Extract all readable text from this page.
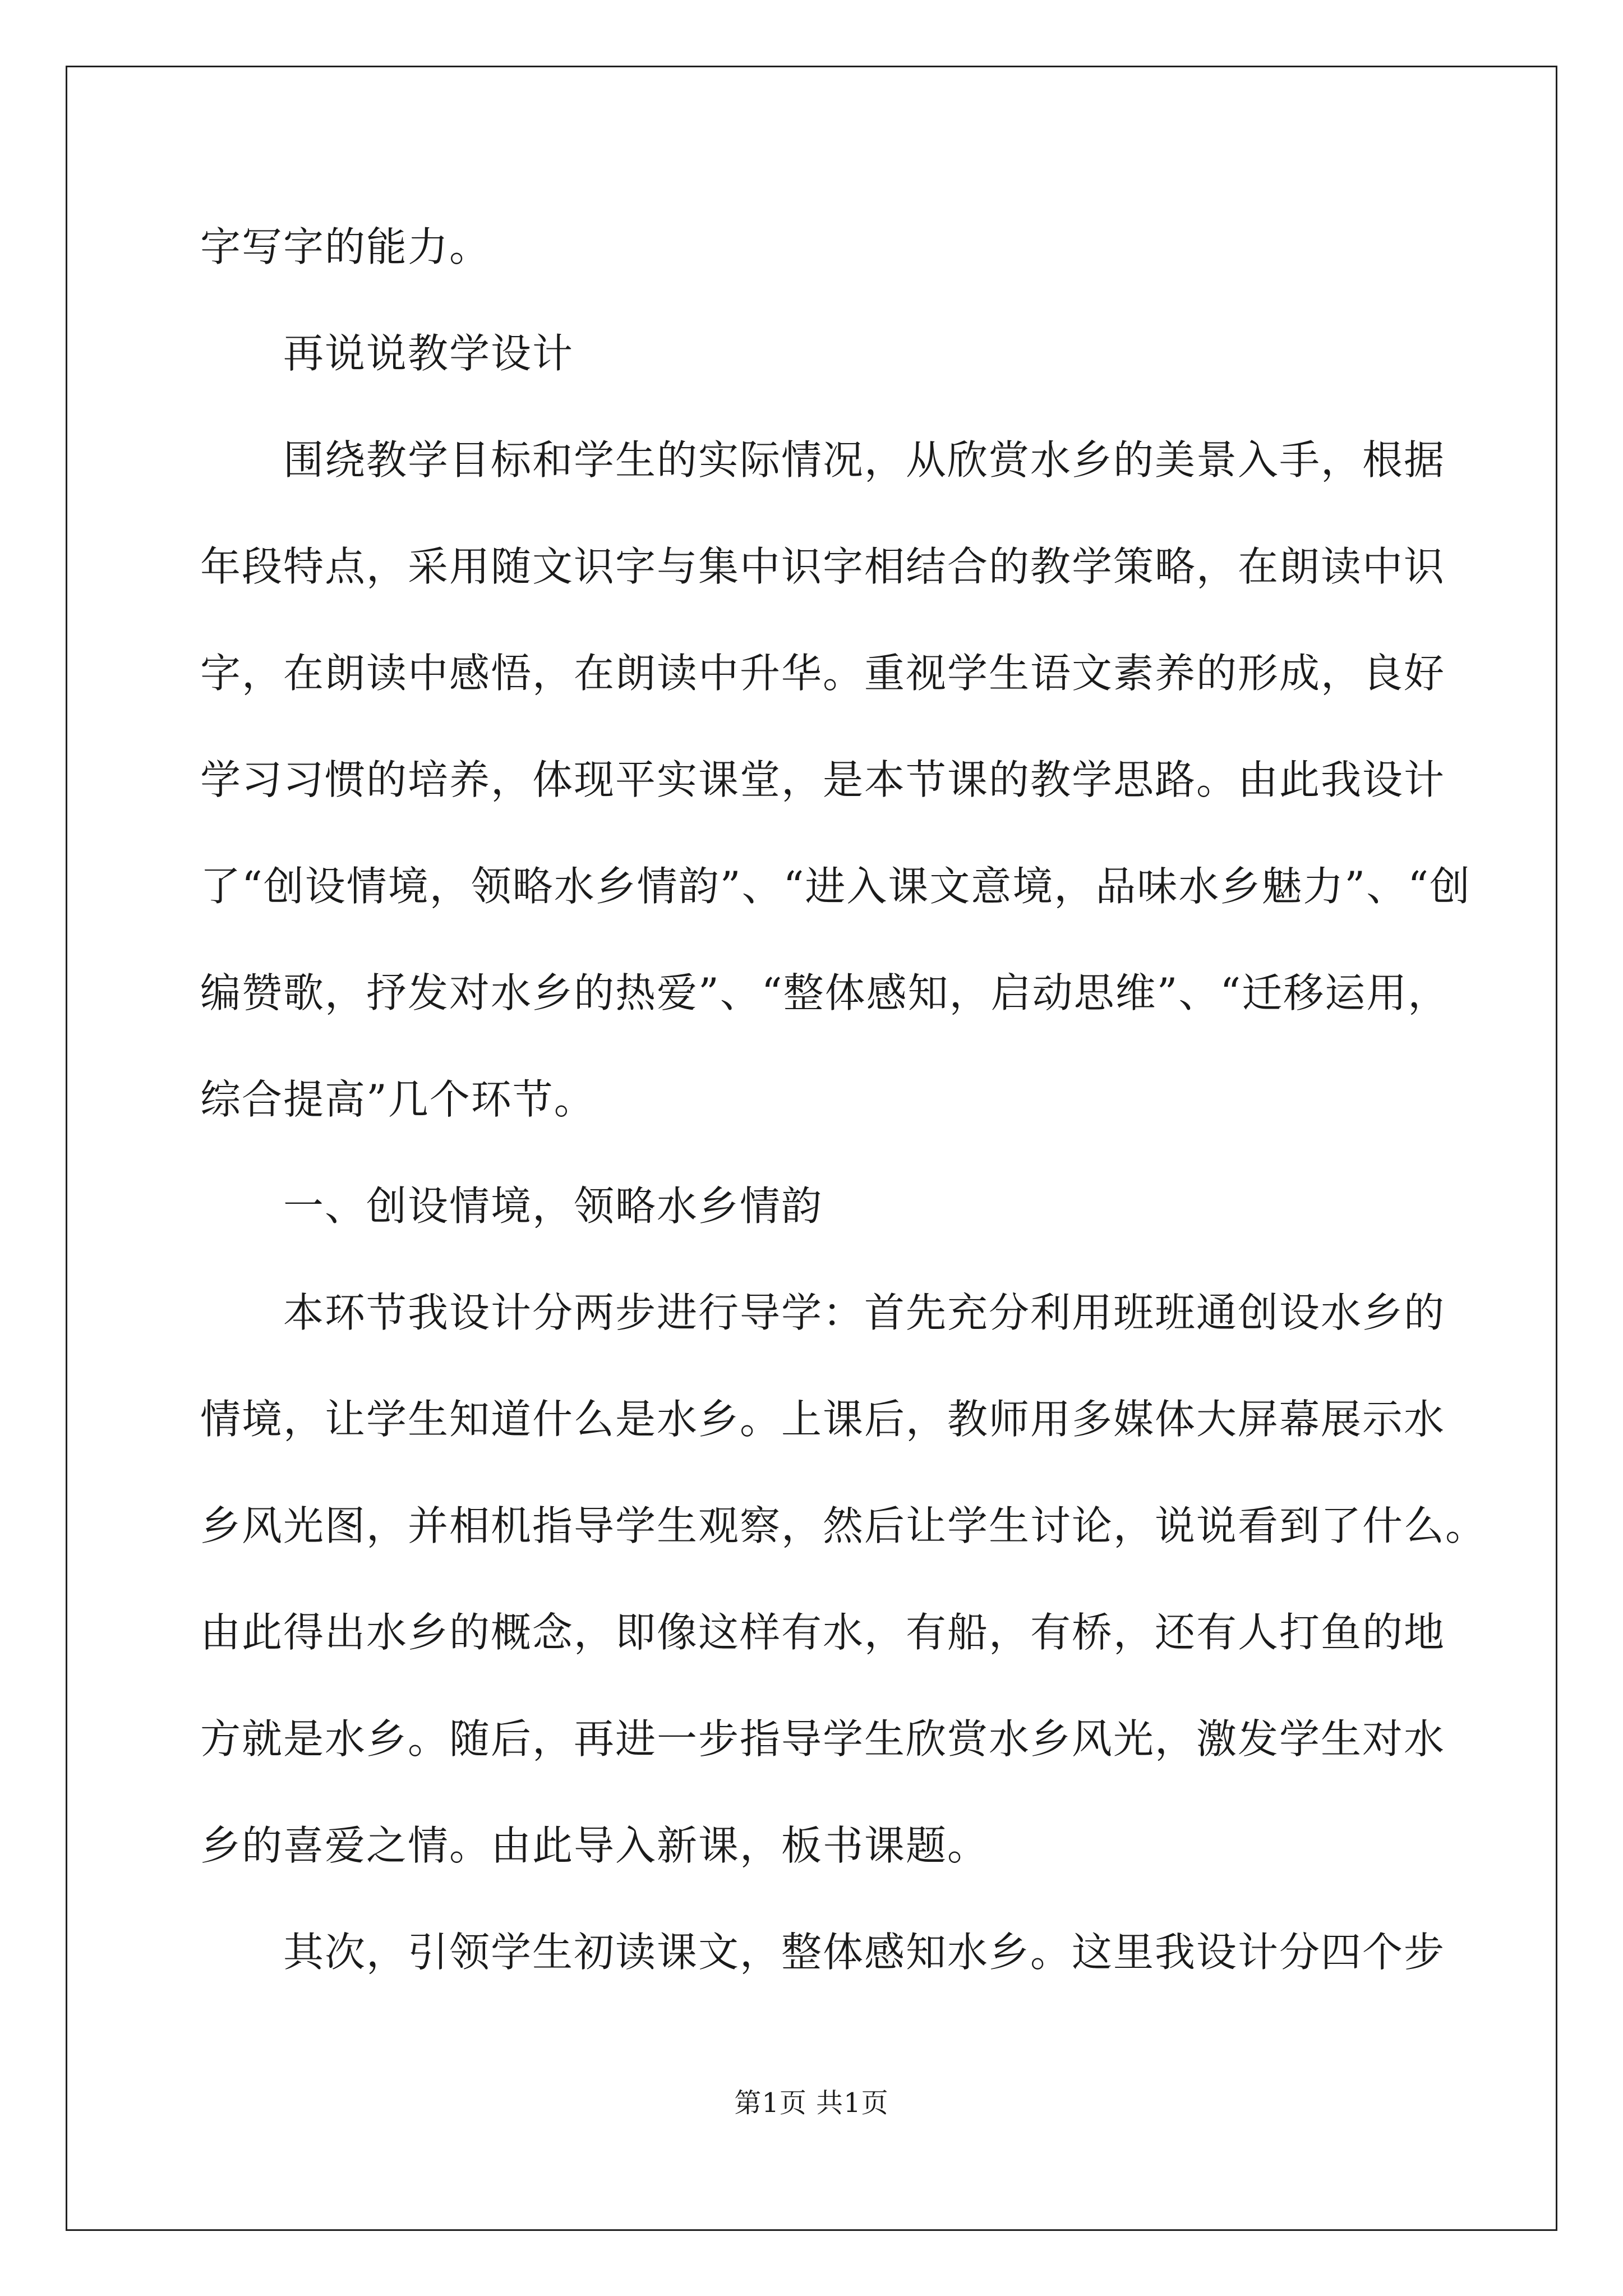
字写字的能力。
再说说教学设计
围绕教学目标和学生的实际情况，从欣赏水乡的美景入手，根据
年段特点，采用随文识字与集中识字相结合的教学策略，在朗读中识
字，在朗读中感悟，在朗读中升华。重视学生语文素养的形成，良好
学习习惯的培养，体现平实课堂，是本节课的教学思路。由此我设计
了“创设情境，领略水乡情韵”、“进入课文意境，品味水乡魅力”、“创
编赞歌，抒发对水乡的热爱”、“整体感知，启动思维”、“迁移运用，
综合提高”几个环节。
一、创设情境，领略水乡情韵
本环节我设计分两步进行导学：首先充分利用班班通创设水乡的
情境，让学生知道什么是水乡。上课后，教师用多媒体大屏幕展示水
乡风光图，并相机指导学生观察，然后让学生讨论，说说看到了什么。
由此得出水乡的概念，即像这样有水，有船，有桥，还有人打鱼的地
方就是水乡。随后，再进一步指导学生欣赏水乡风光，激发学生对水
乡的喜爱之情。由此导入新课，板书课题。
其次，引领学生初读课文，整体感知水乡。这里我设计分四个步
第1页 共1页
